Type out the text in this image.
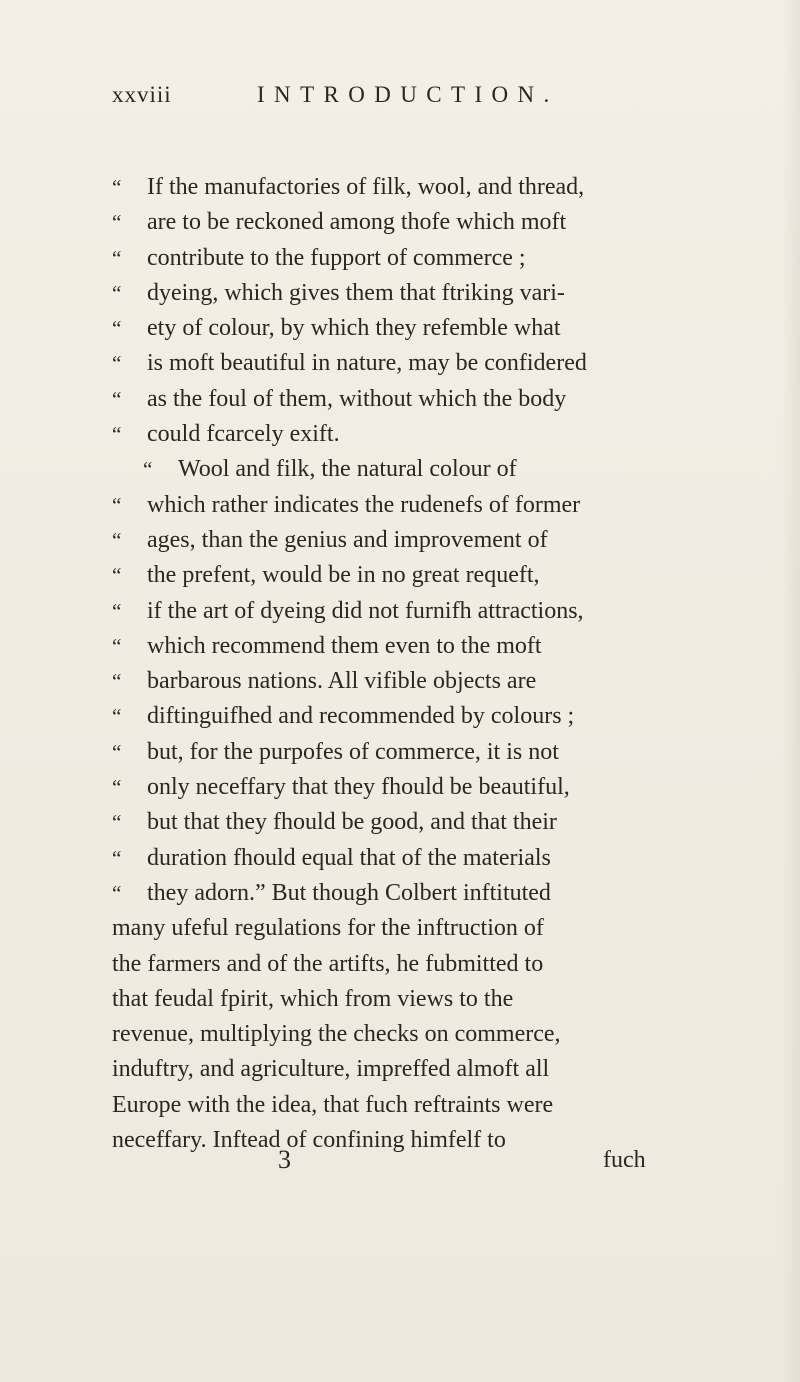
xxviii	INTRODUCTION.
“ If the manufactories of filk, wool, and thread,
“ are to be reckoned among thofe which moft
“ contribute to the fupport of commerce ;
“ dyeing, which gives them that ftriking vari-
“ ety of colour, by which they refemble what
“ is moft beautiful in nature, may be confidered
“ as the foul of them, without which the body
“ could fcarcely exift.
“ Wool and filk, the natural colour of
“ which rather indicates the rudenefs of former
“ ages, than the genius and improvement of
“ the prefent, would be in no great requeft,
“ if the art of dyeing did not furnifh attractions,
“ which recommend them even to the moft
“ barbarous nations. All vifible objects are
“ diftinguifhed and recommended by colours ;
“ but, for the purpofes of commerce, it is not
“ only neceffary that they fhould be beautiful,
“ but that they fhould be good, and that their
“ duration fhould equal that of the materials
“ they adorn.” But though Colbert inftituted
many ufeful regulations for the inftruction of
the farmers and of the artifts, he fubmitted to
that feudal fpirit, which from views to the
revenue, multiplying the checks on commerce,
induftry, and agriculture, impreffed almoft all
Europe with the idea, that fuch reftraints were
neceffary. Inftead of confining himfelf to
3	fuch
